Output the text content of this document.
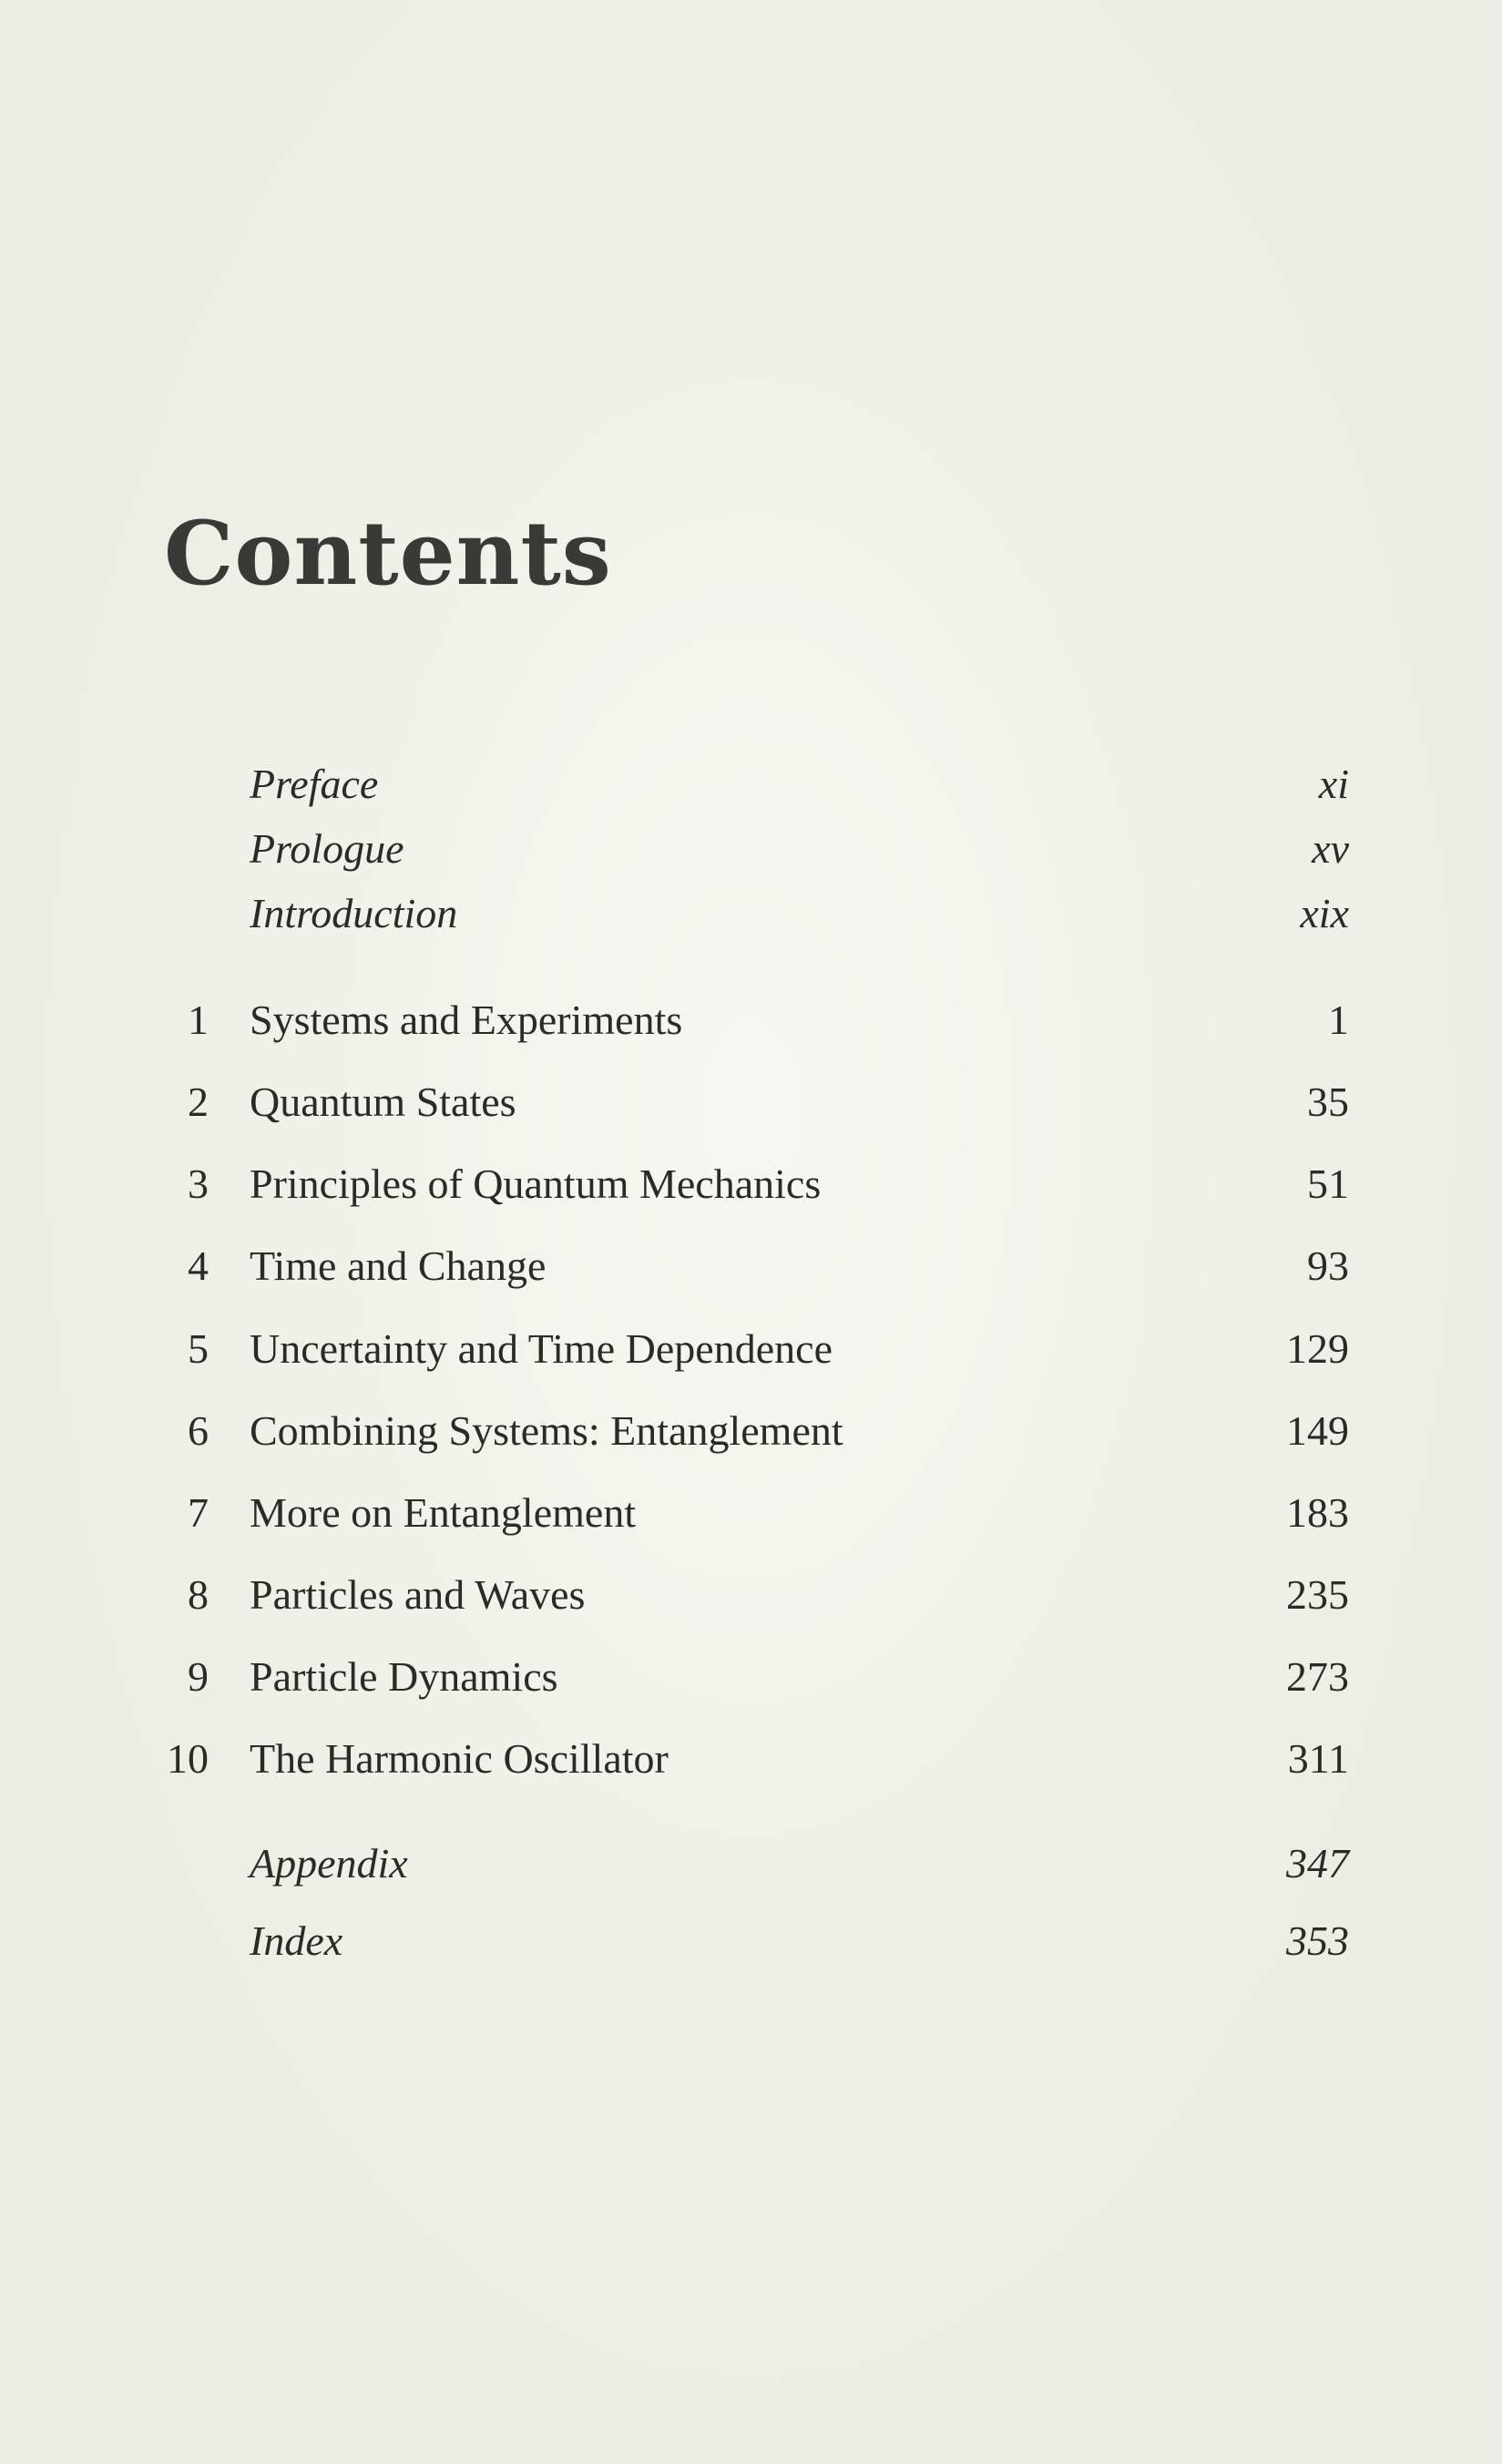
Contents
Preface	xi
Prologue	xv
Introduction	xix
1 Systems and Experiments	1
2 Quantum States	35
3 Principles of Quantum Mechanics	51
4 Time and Change	93
5 Uncertainty and Time Dependence	129
6 Combining Systems: Entanglement	149
7 More on Entanglement	183
8 Particles and Waves	235
9 Particle Dynamics	273
10 The Harmonic Oscillator	311
Appendix	347
Index	353
